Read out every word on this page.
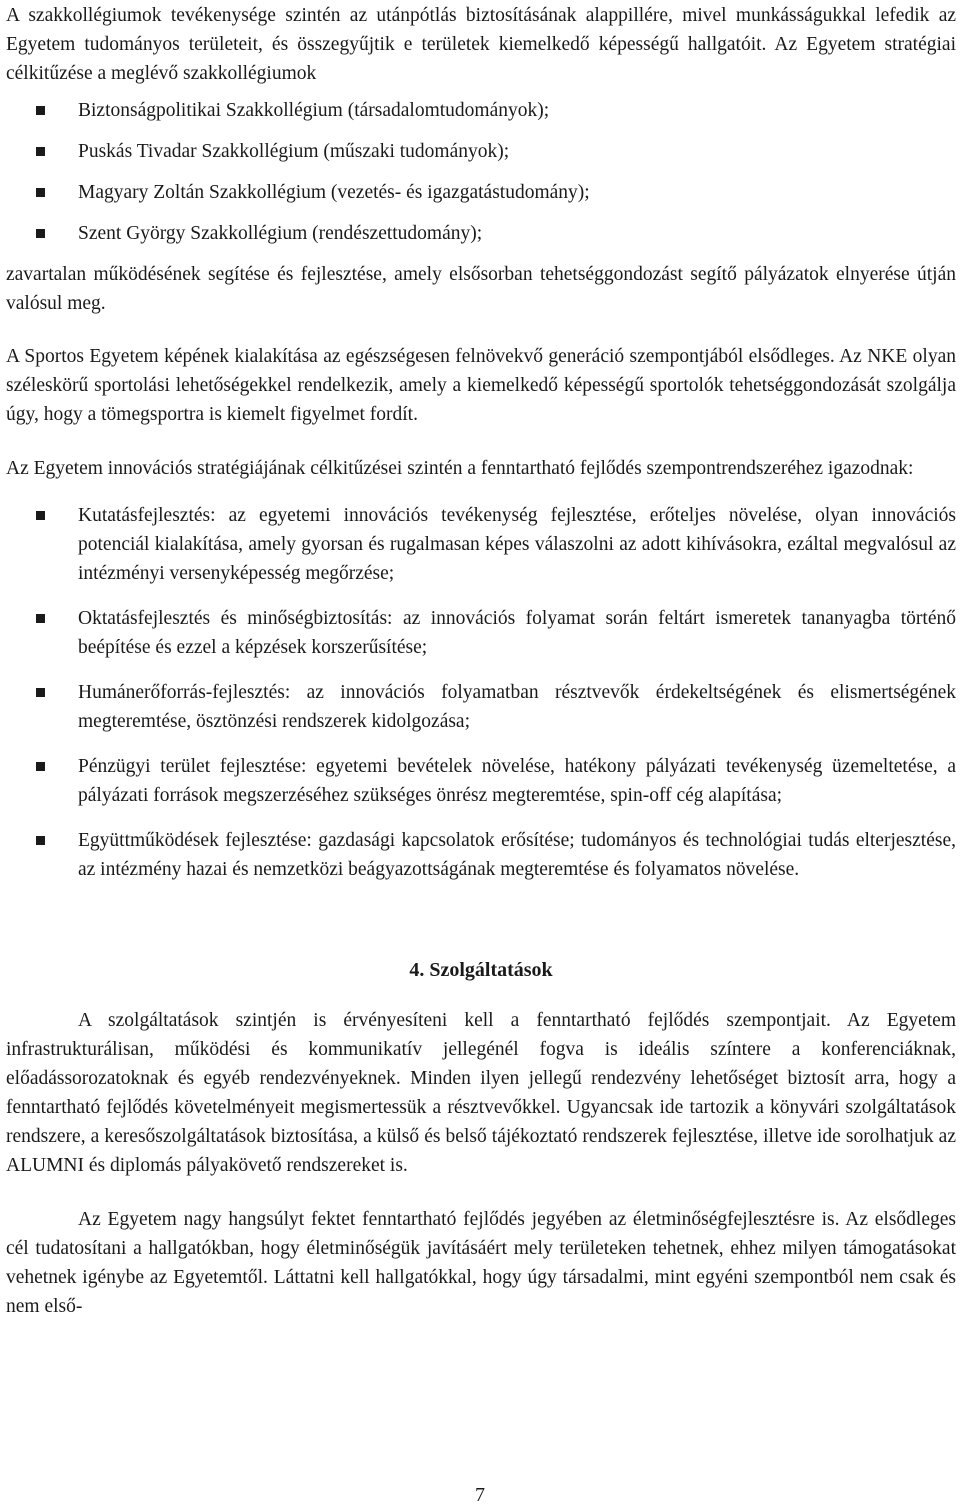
A szakkollégiumok tevékenysége szintén az utánpótlás biztosításának alappillére, mivel munkásságukkal lefedik az Egyetem tudományos területeit, és összegyűjtik e területek kiemelkedő képességű hallgatóit. Az Egyetem stratégiai célkitűzése a meglévő szakkollégiumok

Biztonságpolitikai Szakkollégium (társadalomtudományok);
Puskás Tivadar Szakkollégium (műszaki tudományok);
Magyary Zoltán Szakkollégium (vezetés- és igazgatástudomány);
Szent György Szakkollégium (rendészettudomány);

zavartalan működésének segítése és fejlesztése, amely elsősorban tehetséggondozást segítő pályázatok elnyerése útján valósul meg.

A Sportos Egyetem képének kialakítása az egészségesen felnövekvő generáció szempontjából elsődleges. Az NKE olyan széleskörű sportolási lehetőségekkel rendelkezik, amely a kiemelkedő képességű sportolók tehetséggondozását szolgálja úgy, hogy a tömegsportra is kiemelt figyelmet fordít.

Az Egyetem innovációs stratégiájának célkitűzései szintén a fenntartható fejlődés szempontrendszeréhez igazodnak:

Kutatásfejlesztés: az egyetemi innovációs tevékenység fejlesztése, erőteljes növelése, olyan innovációs potenciál kialakítása, amely gyorsan és rugalmasan képes válaszolni az adott kihívásokra, ezáltal megvalósul az intézményi versenyképesség megőrzése;
Oktatásfejlesztés és minőségbiztosítás: az innovációs folyamat során feltárt ismeretek tananyagba történő beépítése és ezzel a képzések korszerűsítése;
Humánerőforrás-fejlesztés: az innovációs folyamatban résztvevők érdekeltségének és elismertségének megteremtése, ösztönzési rendszerek kidolgozása;
Pénzügyi terület fejlesztése: egyetemi bevételek növelése, hatékony pályázati tevékenység üzemeltetése, a pályázati források megszerzéséhez szükséges önrész megteremtése, spin-off cég alapítása;
Együttműködések fejlesztése: gazdasági kapcsolatok erősítése; tudományos és technológiai tudás elterjesztése, az intézmény hazai és nemzetközi beágyazottságának megteremtése és folyamatos növelése.
4. Szolgáltatások

A szolgáltatások szintjén is érvényesíteni kell a fenntartható fejlődés szempontjait. Az Egyetem infrastrukturálisan, működési és kommunikatív jellegénél fogva is ideális színtere a konferenciáknak, előadássorozatoknak és egyéb rendezvényeknek. Minden ilyen jellegű rendezvény lehetőséget biztosít arra, hogy a fenntartható fejlődés követelményeit megismertessük a résztvevőkkel. Ugyancsak ide tartozik a könyvári szolgáltatások rendszere, a keresőszolgáltatások biztosítása, a külső és belső tájékoztató rendszerek fejlesztése, illetve ide sorolhatjuk az ALUMNI és diplomás pályakövető rendszereket is.

Az Egyetem nagy hangsúlyt fektet fenntartható fejlődés jegyében az életminőségfejlesztésre is. Az elsődleges cél tudatosítani a hallgatókban, hogy életminőségük javításáért mely területeken tehetnek, ehhez milyen támogatásokat vehetnek igénybe az Egyetemtől. Láttatni kell hallgatókkal, hogy úgy társadalmi, mint egyéni szempontból nem csak és nem első-

7
